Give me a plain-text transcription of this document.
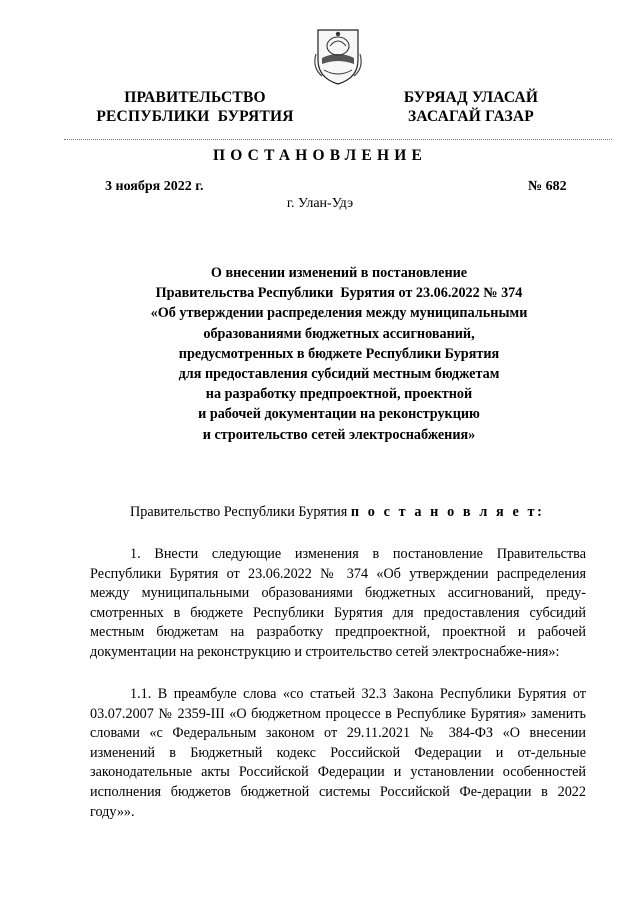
ПРАВИТЕЛЬСТВО
РЕСПУБЛИКИ  БУРЯТИЯ
БУРЯАД УЛАСАЙ
ЗАСАГАЙ ГАЗАР
ПОСТАНОВЛЕНИЕ
3 ноября 2022 г.	№ 682
г. Улан-Удэ
О внесении изменений в постановление
Правительства Республики  Бурятия от 23.06.2022 № 374
«Об утверждении распределения между муниципальными
образованиями бюджетных ассигнований,
предусмотренных в бюджете Республики Бурятия
для предоставления субсидий местным бюджетам
на разработку предпроектной, проектной
и рабочей документации на реконструкцию
и строительство сетей электроснабжения»
Правительство Республики Бурятия п о с т а н о в л я е т:

1. Внести следующие изменения в постановление Правительства Республики Бурятия от 23.06.2022 № 374 «Об утверждении распределения между муниципальными образованиями бюджетных ассигнований, преду-смотренных в бюджете Республики Бурятия для предоставления субсидий местным бюджетам на разработку предпроектной, проектной и рабочей документации на реконструкцию и строительство сетей электроснабже-ния»:

1.1. В преамбуле слова «со статьей 32.3 Закона Республики Бурятия от 03.07.2007 № 2359-III «О бюджетном процессе в Республике Бурятия» заменить словами «с Федеральным законом от 29.11.2021 № 384-ФЗ «О внесении изменений в Бюджетный кодекс Российской Федерации и от-дельные законодательные акты Российской Федерации и установлении особенностей исполнения бюджетов бюджетной системы Российской Фе-дерации в 2022 году»».
